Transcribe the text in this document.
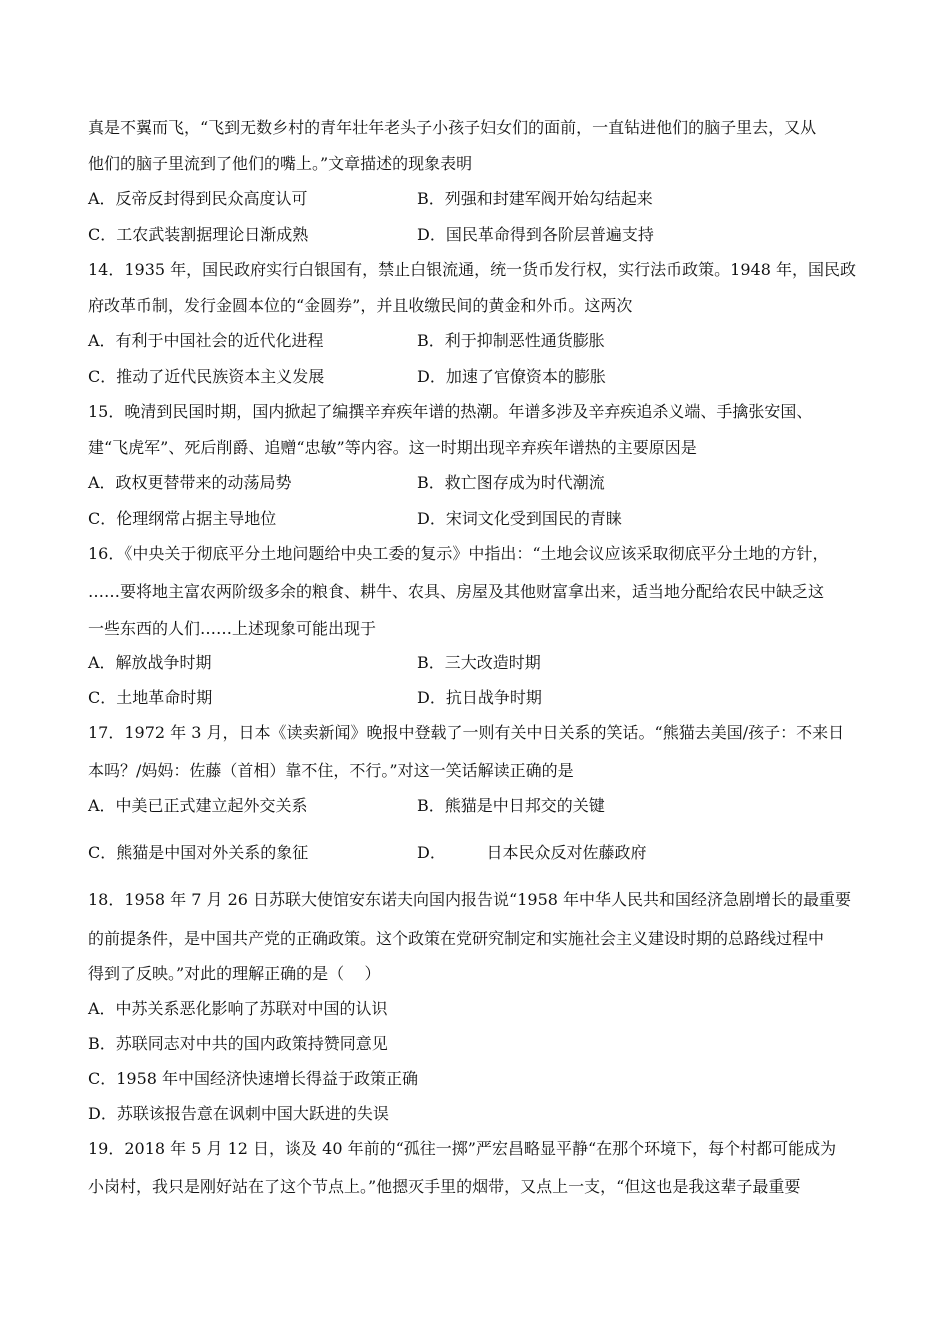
真是不翼而飞，“飞到无数乡村的青年壮年老头子小孩子妇女们的面前，一直钻进他们的脑子里去，又从
他们的脑子里流到了他们的嘴上。”文章描述的现象表明
A．反帝反封得到民众高度认可	B．列强和封建军阀开始勾结起来
C．工农武装割据理论日渐成熟	D．国民革命得到各阶层普遍支持
14．1935 年，国民政府实行白银国有，禁止白银流通，统一货币发行权，实行法币政策。1948 年，国民政
府改革币制，发行金圆本位的“金圆券”，并且收缴民间的黄金和外币。这两次
A．有利于中国社会的近代化进程	B．利于抑制恶性通货膨胀
C．推动了近代民族资本主义发展	D．加速了官僚资本的膨胀
15．晚清到民国时期，国内掀起了编撰辛弃疾年谱的热潮。年谱多涉及辛弃疾追杀义端、手擒张安国、
建“飞虎军”、死后削爵、追赠“忠敏”等内容。这一时期出现辛弃疾年谱热的主要原因是
A．政权更替带来的动荡局势	B．救亡图存成为时代潮流
C．伦理纲常占据主导地位	D．宋词文化受到国民的青睐
16．《中央关于彻底平分土地问题给中央工委的复示》中指出：“土地会议应该采取彻底平分土地的方针，
……要将地主富农两阶级多余的粮食、耕牛、农具、房屋及其他财富拿出来，适当地分配给农民中缺乏这
一些东西的人们……上述现象可能出现于
A．解放战争时期	B．三大改造时期
C．土地革命时期	D．抗日战争时期
17．1972 年 3 月，日本《读卖新闻》晚报中登载了一则有关中日关系的笑话。“熊猫去美国/孩子：不来日
本吗？/妈妈：佐藤（首相）靠不住，不行。”对这一笑话解读正确的是
A．中美已正式建立起外交关系	B．熊猫是中日邦交的关键
C．熊猫是中国对外关系的象征	D．        日本民众反对佐藤政府
18．1958 年 7 月 26 日苏联大使馆安东诺夫向国内报告说“1958 年中华人民共和国经济急剧增长的最重要
的前提条件，是中国共产党的正确政策。这个政策在党研究制定和实施社会主义建设时期的总路线过程中
得到了反映。”对此的理解正确的是（    ）
A．中苏关系恶化影响了苏联对中国的认识
B．苏联同志对中共的国内政策持赞同意见
C．1958 年中国经济快速增长得益于政策正确
D．苏联该报告意在讽刺中国大跃进的失误
19．2018 年 5 月 12 日，谈及 40 年前的“孤往一掷”严宏昌略显平静“在那个环境下，每个村都可能成为
小岗村，我只是刚好站在了这个节点上。”他摁灭手里的烟带，又点上一支，“但这也是我这辈子最重要
